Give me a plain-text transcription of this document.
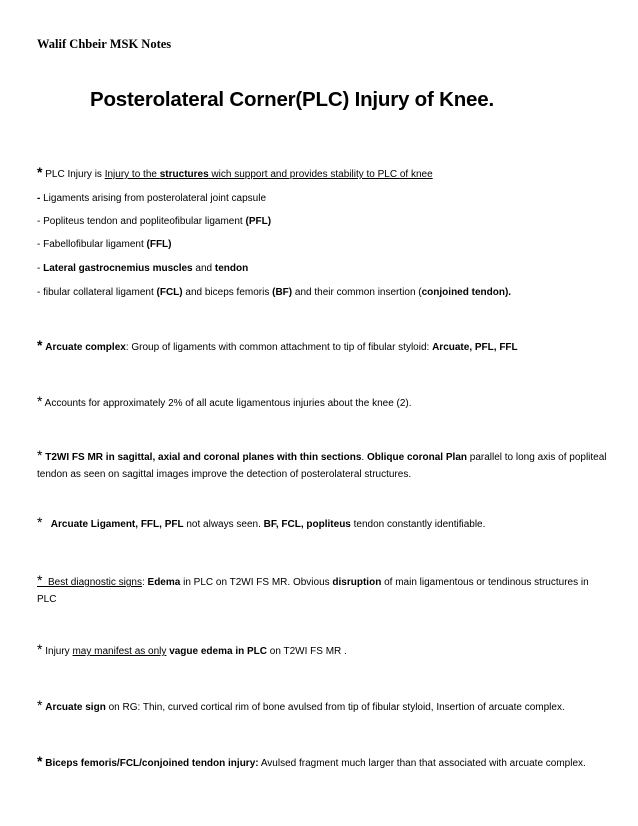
Walif Chbeir MSK Notes
Posterolateral Corner(PLC) Injury of Knee.
* PLC Injury is Injury to the structures wich support and provides stability to PLC of knee
- Ligaments arising from posterolateral joint capsule
- Popliteus tendon and popliteofibular ligament (PFL)
- Fabellofibular ligament (FFL)
- Lateral gastrocnemius muscles and tendon
- fibular collateral ligament (FCL) and biceps femoris (BF) and their common insertion (conjoined tendon).
* Arcuate complex: Group of ligaments with common attachment to tip of fibular styloid: Arcuate, PFL, FFL
* Accounts for approximately 2% of all acute ligamentous injuries about the knee (2).
* T2WI FS MR in sagittal, axial and coronal planes with thin sections. Oblique coronal Plan parallel to long axis of popliteal tendon as seen on sagittal images improve the detection of posterolateral structures.
* Arcuate Ligament, FFL, PFL not always seen. BF, FCL, popliteus tendon constantly identifiable.
* Best diagnostic signs: Edema in PLC on T2WI FS MR. Obvious disruption of main ligamentous or tendinous structures in PLC
* Injury may manifest as only vague edema in PLC on T2WI FS MR .
* Arcuate sign on RG: Thin, curved cortical rim of bone avulsed from tip of fibular styloid, Insertion of arcuate complex.
* Biceps femoris/FCL/conjoined tendon injury: Avulsed fragment much larger than that associated with arcuate complex.
